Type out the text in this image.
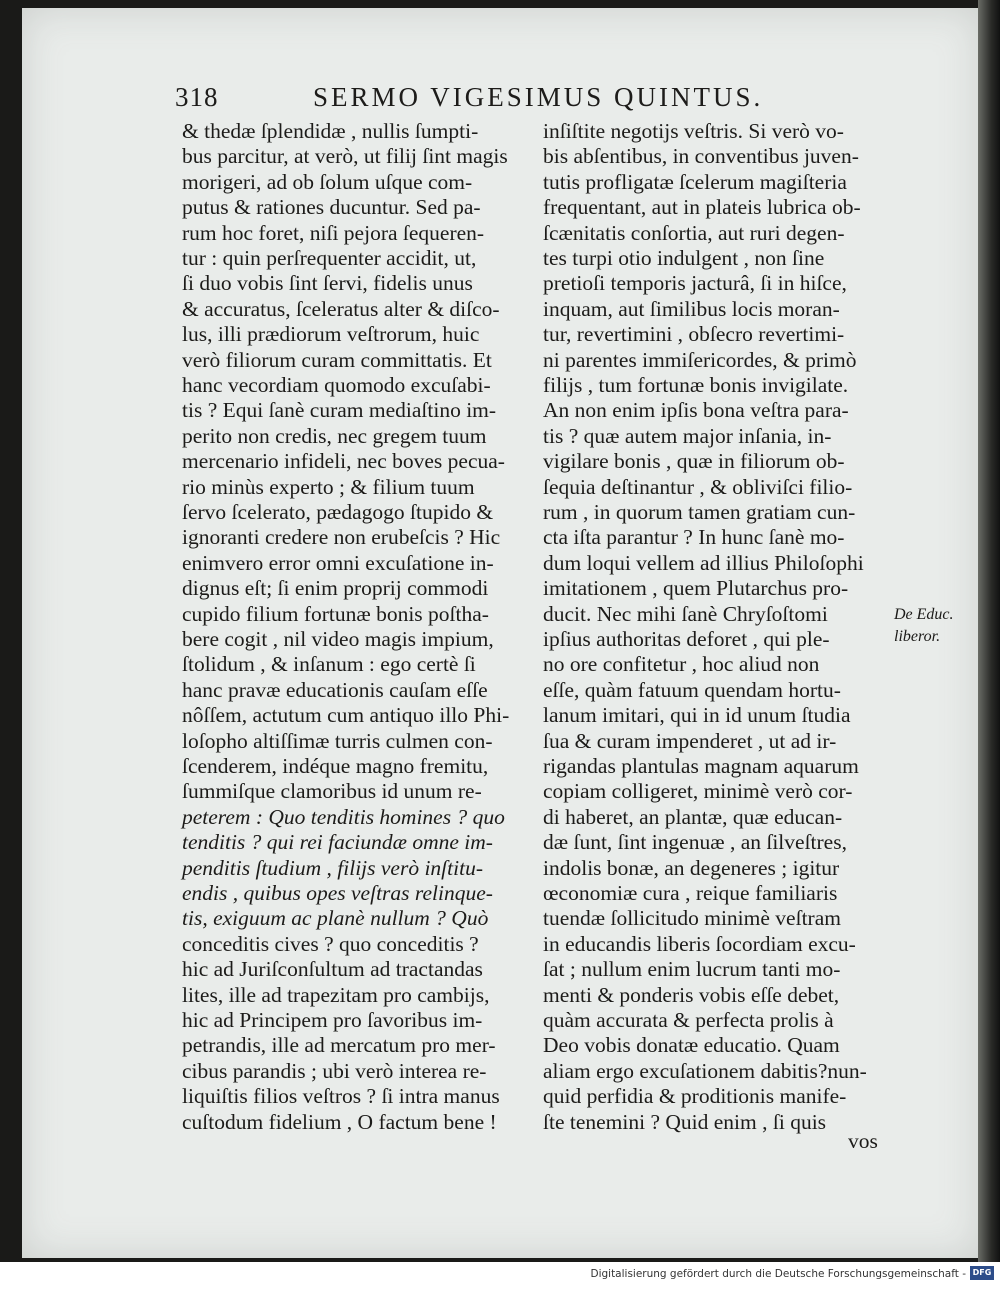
318	SERMO VIGESIMUS QUINTUS.
& thedæ ſplendidæ , nullis ſumpti-
bus parcitur, at verò, ut filij ſint magis
morigeri, ad ob ſolum uſque com-
putus & rationes ducuntur. Sed pa-
rum hoc foret, niſi pejora ſequeren-
tur : quin perſrequenter accidit, ut,
ſi duo vobis ſint ſervi, fidelis unus
& accuratus, ſceleratus alter & diſco-
lus, illi prædiorum veſtrorum, huic
verò filiorum curam committatis. Et
hanc vecordiam quomodo excuſabi-
tis ? Equi ſanè curam mediaſtino im-
perito non credis, nec gregem tuum
mercenario infideli, nec boves pecua-
rio minùs experto ; & filium tuum
ſervo ſcelerato, pædagogo ſtupido &
ignoranti credere non erubeſcis ? Hic
enimvero error omni excuſatione in-
dignus eſt; ſi enim proprij commodi
cupido filium fortunæ bonis poſthа-
bere cogit , nil video magis impium,
ſtolidum , & inſanum : ego certè ſi
hanc pravæ educationis cauſam eſſe
nôſſem, actutum cum antiquo illo Phi-
loſopho altiſſimæ turris culmen con-
ſcenderem, indéque magno fremitu,
ſummiſque clamoribus id unum re-
peterem : Quo tenditis homines ? quo
tenditis ? qui rei faciundæ omne im-
penditis ſtudium , filijs verò inſtitu-
endis , quibus opes veſtras relinque-
tis, exiguum ac planè nullum ? Quò
conceditis cives ? quo conceditis ?
hic ad Juriſconſultum ad tractandas
lites, ille ad trapezitam pro cambijs,
hic ad Principem pro ſavoribus im-
petrandis, ille ad mercatum pro mer-
cibus parandis ; ubi verò interea re-
liquiſtis filios veſtros ? ſi intra manus
cuſtodum fidelium , O factum bene !
inſiſtite negotijs veſtris. Si verò vo-
bis abſentibus, in conventibus juven-
tutis profligatæ ſcelerum magiſteria
frequentant, aut in plateis lubrica ob-
ſcænitatis conſortia, aut ruri degen-
tes turpi otio indulgent , non ſine
pretioſi temporis jacturâ, ſi in hiſce,
inquam, aut ſimilibus locis moran-
tur, revertimini , obſecro revertimi-
ni parentes immiſericordes, & primò
filijs , tum fortunæ bonis invigilate.
An non enim ipſis bona veſtra para-
tis ? quæ autem major inſania, in-
vigilare bonis , quæ in filiorum ob-
ſequia deſtinantur , & obliviſci filio-
rum , in quorum tamen gratiam cun-
cta iſta parantur ? In hunc ſanè mo-
dum loqui vellem ad illius Philoſophi
imitationem , quem Plutarchus pro-
ducit. Nec mihi ſanè Chryſoſtomi
ipſius authoritas deforet , qui ple-
no ore confitetur , hoc aliud non
eſſe, quàm fatuum quendam hortu-
lanum imitari, qui in id unum ſtudia
ſua & curam impenderet , ut ad ir-
rigandas plantulas magnam aquarum
copiam colligeret, minimè verò cor-
di haberet, an plantæ, quæ educan-
dæ ſunt, ſint ingenuæ , an ſilveſtres,
indolis bonæ, an degeneres ; igitur
œconomiæ cura , reique familiaris
tuendæ ſollicitudo minimè veſtram
in educandis liberis ſocordiam excu-
ſat ; nullum enim lucrum tanti mo-
menti & ponderis vobis eſſe debet,
quàm accurata & perfecta prolis à
Deo vobis donatæ educatio. Quam
aliam ergo excuſationem dabitis?nun-
quid perfidia & proditionis manife-
ſte tenemini ? Quid enim , ſi quis
vos
De Educ.
liberor.
Digitalisierung gefördert durch die Deutsche Forschungsgemeinschaft - DFG
